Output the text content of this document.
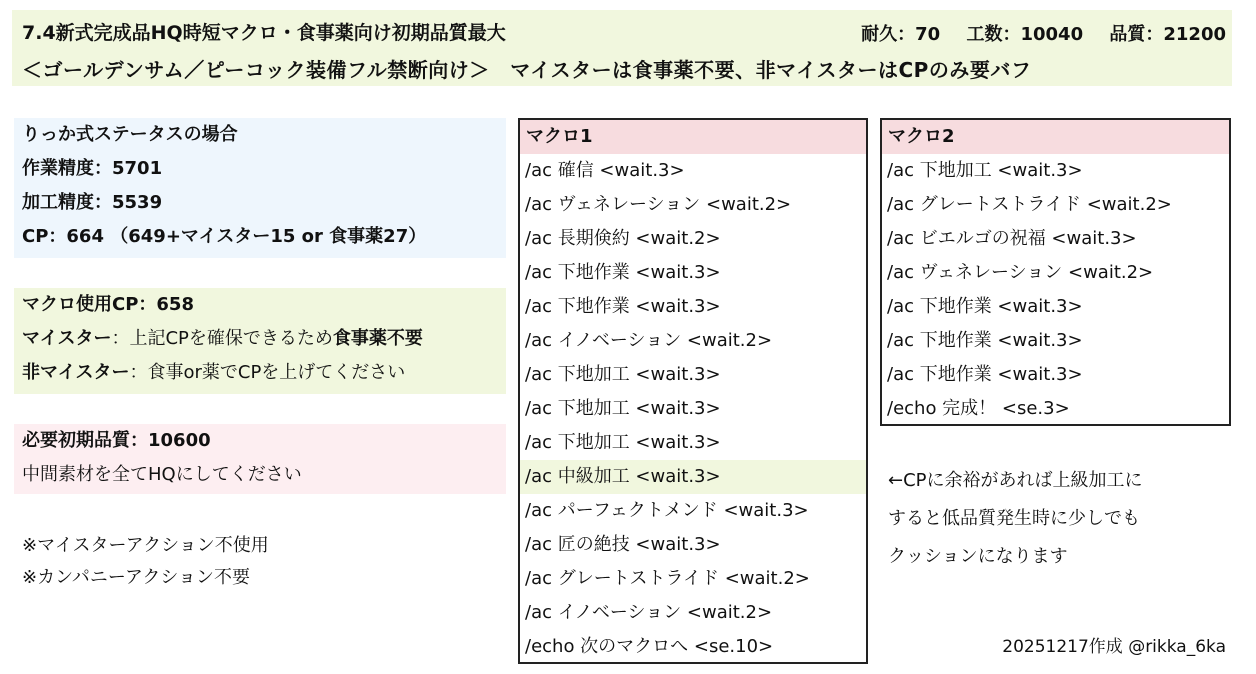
7.4新式完成品HQ時短マクロ・食事薬向け初期品質最大	耐久：70 工数：10040 品質：21200
＜ゴールデンサム／ピーコック装備フル禁断向け＞　マイスターは食事薬不要、非マイスターはCPのみ要バフ
りっか式ステータスの場合
作業精度：5701
加工精度：5539
CP：664 （649+マイスター15 or 食事薬27）
マクロ使用CP：658
マイスター：上記CPを確保できるため食事薬不要
非マイスター：食事or薬でCPを上げてください
必要初期品質：10600
中間素材を全てHQにしてください
※マイスターアクション不使用
※カンパニーアクション不要
マクロ1
/ac 確信 <wait.3>
/ac ヴェネレーション <wait.2>
/ac 長期倹約 <wait.2>
/ac 下地作業 <wait.3>
/ac 下地作業 <wait.3>
/ac イノベーション <wait.2>
/ac 下地加工 <wait.3>
/ac 下地加工 <wait.3>
/ac 下地加工 <wait.3>
/ac 中級加工 <wait.3>
/ac パーフェクトメンド <wait.3>
/ac 匠の絶技 <wait.3>
/ac グレートストライド <wait.2>
/ac イノベーション <wait.2>
/echo 次のマクロへ <se.10>
マクロ2
/ac 下地加工 <wait.3>
/ac グレートストライド <wait.2>
/ac ビエルゴの祝福 <wait.3>
/ac ヴェネレーション <wait.2>
/ac 下地作業 <wait.3>
/ac 下地作業 <wait.3>
/ac 下地作業 <wait.3>
/echo 完成！ <se.3>
←CPに余裕があれば上級加工に
すると低品質発生時に少しでも
クッションになります
20251217作成 @rikka_6ka
